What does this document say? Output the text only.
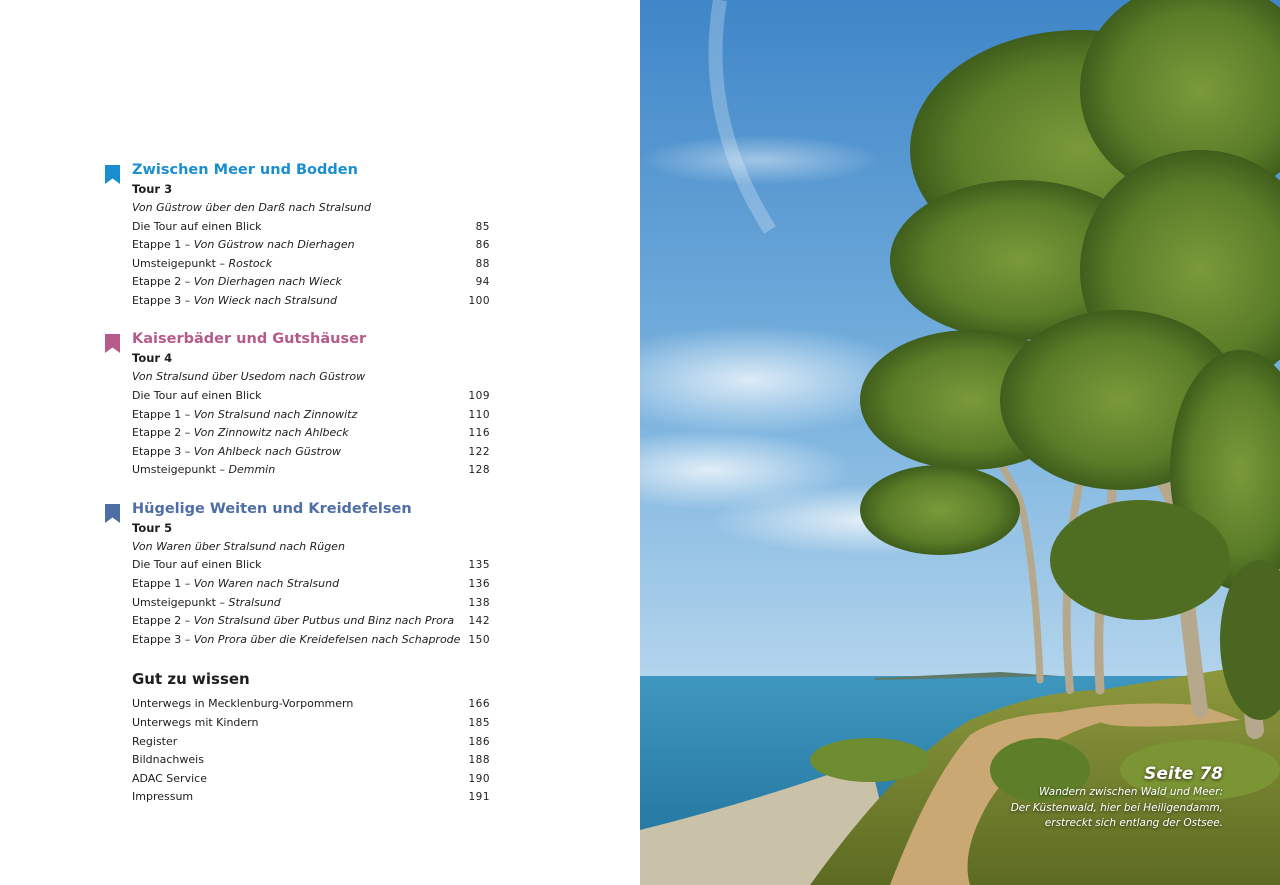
Zwischen Meer und Bodden
Tour 3
Von Güstrow über den Darß nach Stralsund
Die Tour auf einen Blick	85
Etappe 1 – Von Güstrow nach Dierhagen	86
Umsteigepunkt – Rostock	88
Etappe 2 – Von Dierhagen nach Wieck	94
Etappe 3 – Von Wieck nach Stralsund	100
Kaiserbäder und Gutshäuser
Tour 4
Von Stralsund über Usedom nach Güstrow
Die Tour auf einen Blick	109
Etappe 1 – Von Stralsund nach Zinnowitz	110
Etappe 2 – Von Zinnowitz nach Ahlbeck	116
Etappe 3 – Von Ahlbeck nach Güstrow	122
Umsteigepunkt – Demmin	128
Hügelige Weiten und Kreidefelsen
Tour 5
Von Waren über Stralsund nach Rügen
Die Tour auf einen Blick	135
Etappe 1 – Von Waren nach Stralsund	136
Umsteigepunkt – Stralsund	138
Etappe 2 – Von Stralsund über Putbus und Binz nach Prora 142
Etappe 3 – Von Prora über die Kreidefelsen nach Schaprode 150
Gut zu wissen
Unterwegs in Mecklenburg-Vorpommern	166
Unterwegs mit Kindern	185
Register	186
Bildnachweis	188
ADAC Service	190
Impressum	191
Seite 78
Wandern zwischen Wald und Meer:
Der Küstenwald, hier bei Heiligendamm,
erstreckt sich entlang der Ostsee.
